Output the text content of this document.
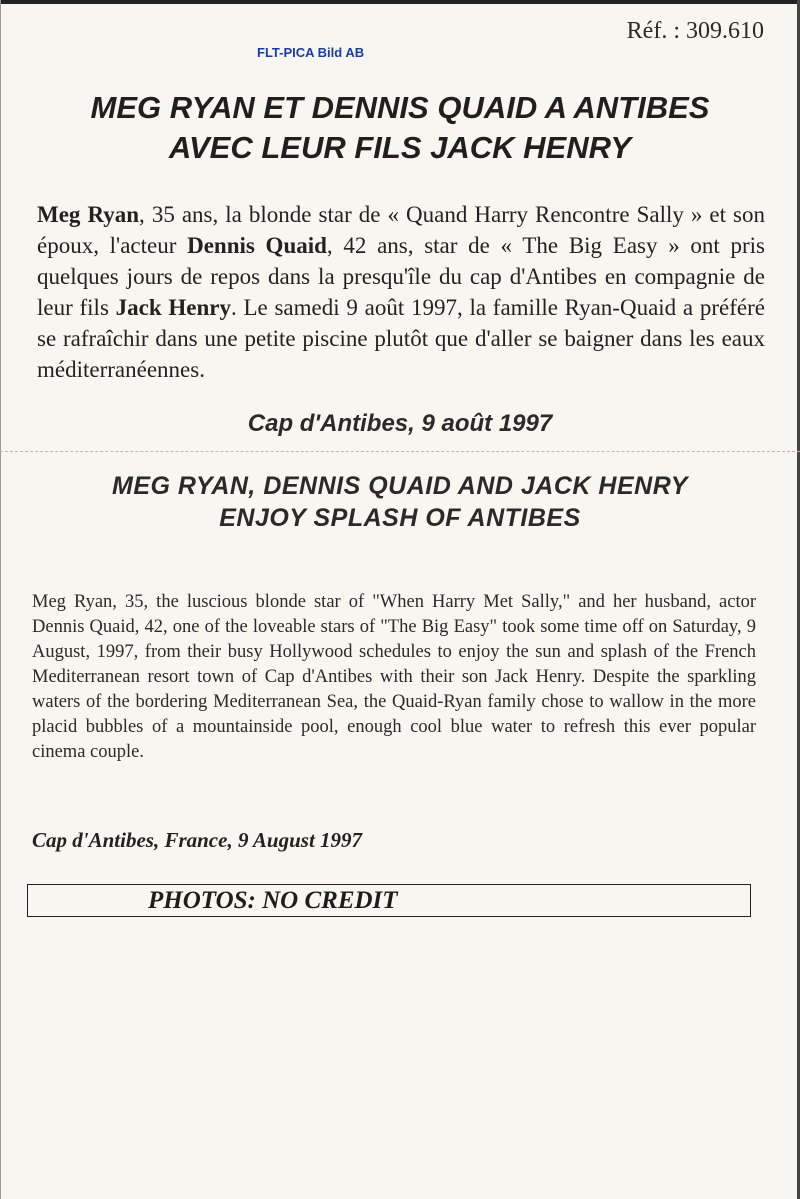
Réf. : 309.610
FLT-PICA Bild AB
MEG RYAN ET DENNIS QUAID A ANTIBES
AVEC LEUR FILS JACK HENRY

Meg Ryan, 35 ans, la blonde star de « Quand Harry Rencontre Sally » et son époux, l'acteur Dennis Quaid, 42 ans, star de « The Big Easy » ont pris quelques jours de repos dans la presqu'île du cap d'Antibes en compagnie de leur fils Jack Henry. Le samedi 9 août 1997, la famille Ryan-Quaid a préféré se rafraîchir dans une petite piscine plutôt que d'aller se baigner dans les eaux méditerranéennes.

Cap d'Antibes, 9 août 1997

MEG RYAN, DENNIS QUAID AND JACK HENRY
ENJOY SPLASH OF ANTIBES

Meg Ryan, 35, the luscious blonde star of "When Harry Met Sally," and her husband, actor Dennis Quaid, 42, one of the loveable stars of "The Big Easy" took some time off on Saturday, 9 August, 1997, from their busy Hollywood schedules to enjoy the sun and splash of the French Mediterranean resort town of Cap d'Antibes with their son Jack Henry. Despite the sparkling waters of the bordering Mediterranean Sea, the Quaid-Ryan family chose to wallow in the more placid bubbles of a mountainside pool, enough cool blue water to refresh this ever popular cinema couple.

Cap d'Antibes, France, 9 August 1997

PHOTOS: NO CREDIT
